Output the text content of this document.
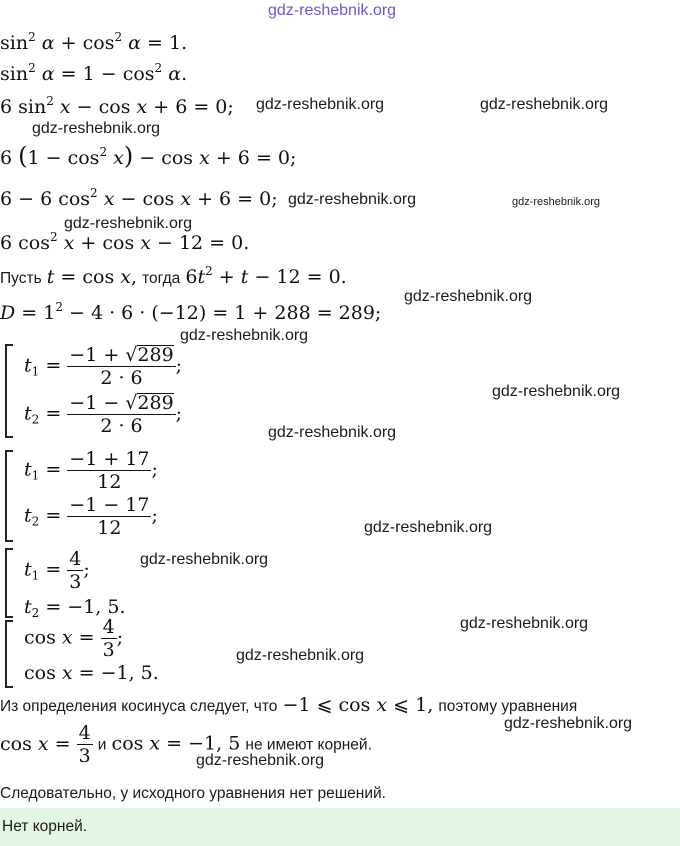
gdz-reshebnik.org
$\sin^2 \alpha + \cos^2 \alpha = 1$.
$\sin^2 \alpha = 1 - \cos^2 \alpha$.
6 $\sin^2 x - \cos x + 6 = 0$; gdz-reshebnik.org	gdz-reshebnik.org
gdz-reshebnik.org
6 $(1 - \cos^2 x) - \cos x + 6 = 0$;
6 − 6 $\cos^2 x - \cos x + 6 = 0$; gdz-reshebnik.org	gdz-reshebnik.org
gdz-reshebnik.org
6 $\cos^2 x + \cos x - 12 = 0$.
Пусть t = cos x, тогда $6t^2 + t - 12 = 0$.
$D = 1^2 - 4 \cdot 6 \cdot (-12) = 1 + 288 = 289$;
gdz-reshebnik.org
gdz-reshebnik.org
$t_1 = \frac{-1 + √289}{2 \cdot 6}$ ;
$t_2 = \frac{-1 - √289}{2 \cdot 6}$ ;
gdz-reshebnik.org
gdz-reshebnik.org
$t_1 = \frac{-1 + 17}{12}$ ;
$t_2 = \frac{-1 - 17}{12}$ ;
gdz-reshebnik.org
$t_1 = \frac{4}{3}$ ;
$t_2 = -1$, 5.
gdz-reshebnik.org
$\cos x = \frac{4}{3}$ ;
cos x = −1, 5.
gdz-reshebnik.org
gdz-reshebnik.org
Из определения косинуса следует, что −1 ⩽ cos x ⩽ 1, поэтому уравнения
gdz-reshebnik.org
$\cos x = \frac{4}{3}$ и cos x = −1, 5 не имеют корней.
gdz-reshebnik.org
Следовательно, у исходного уравнения нет решений.
Нет корней.
